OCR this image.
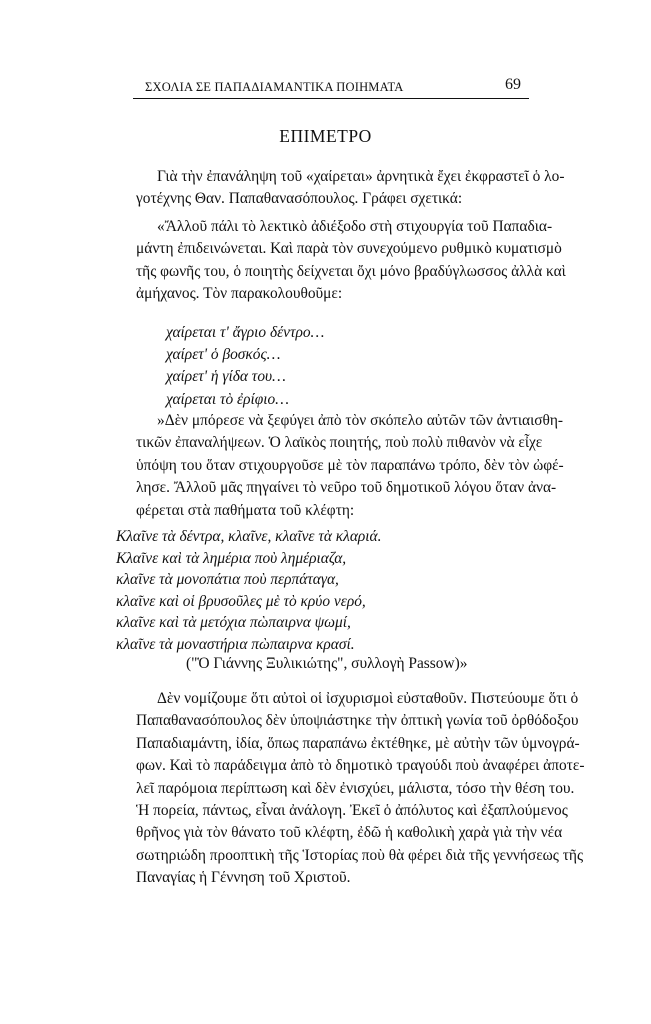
ΣΧΟΛΙΑ ΣΕ ΠΑΠΑΔΙΑΜΑΝΤΙΚΑ ΠΟΙΗΜΑΤΑ	69
ΕΠΙΜΕΤΡΟ
Γιὰ τὴν ἐπανάληψη τοῦ «χαίρεται» ἀρνητικὰ ἔχει ἐκφραστεῖ ὁ λο-
γοτέχνης Θαν. Παπαθανασόπουλος. Γράφει σχετικά:
«Ἄλλοῦ πάλι τὸ λεκτικὸ ἀδιέξοδο στὴ στιχουργία τοῦ Παπαδια-
μάντη ἐπιδεινώνεται. Καὶ παρὰ τὸν συνεχούμενο ρυθμικὸ κυματισμὸ
τῆς φωνῆς του, ὁ ποιητὴς δείχνεται ὄχι μόνο βραδύγλωσσος ἀλλὰ καὶ
ἀμήχανος. Τὸν παρακολουθοῦμε:
χαίρεται τ' ἄγριο δέντρο…
χαίρετ' ὁ βοσκός…
χαίρετ' ἡ γίδα του…
χαίρεται τὸ ἐρίφιο…
»Δὲν μπόρεσε νὰ ξεφύγει ἀπὸ τὸν σκόπελο αὐτῶν τῶν ἀντιαισθη-
τικῶν ἐπαναλήψεων. Ὁ λαϊκὸς ποιητής, ποὺ πολὺ πιθανὸν νὰ εἶχε
ὑπόψη του ὅταν στιχουργοῦσε μὲ τὸν παραπάνω τρόπο, δὲν τὸν ὠφέ-
λησε. Ἄλλοῦ μᾶς πηγαίνει τὸ νεῦρο τοῦ δημοτικοῦ λόγου ὅταν ἀνα-
φέρεται στὰ παθήματα τοῦ κλέφτη:
Κλαῖνε τὰ δέντρα, κλαῖνε, κλαῖνε τὰ κλαριά.
Κλαῖνε καὶ τὰ λημέρια ποὺ λημέριαζα,
κλαῖνε τὰ μονοπάτια ποὺ περπάταγα,
κλαῖνε καὶ οἱ βρυσοῦλες μὲ τὸ κρύο νερό,
κλαῖνε καὶ τὰ μετόχια πὼπαιρνα ψωμί,
κλαῖνε τὰ μοναστήρια πὼπαιρνα κρασί.
("Ὁ Γιάννης Ξυλικιώτης", συλλογὴ Passow)»
Δὲν νομίζουμε ὅτι αὐτοὶ οἱ ἰσχυρισμοὶ εὐσταθοῦν. Πιστεύουμε ὅτι ὁ
Παπαθανασόπουλος δὲν ὑποψιάστηκε τὴν ὀπτικὴ γωνία τοῦ ὀρθόδοξου
Παπαδιαμάντη, ἰδία, ὅπως παραπάνω ἐκτέθηκε, μὲ αὐτὴν τῶν ὑμνογρά-
φων. Καὶ τὸ παράδειγμα ἀπὸ τὸ δημοτικὸ τραγούδι ποὺ ἀναφέρει ἀποτε-
λεῖ παρόμοια περίπτωση καὶ δὲν ἐνισχύει, μάλιστα, τόσο τὴν θέση του.
Ἡ πορεία, πάντως, εἶναι ἀνάλογη. Ἐκεῖ ὁ ἀπόλυτος καὶ ἐξαπλούμενος
θρῆνος γιὰ τὸν θάνατο τοῦ κλέφτη, ἐδῶ ἡ καθολικὴ χαρὰ γιὰ τὴν νέα
σωτηριώδη προοπτικὴ τῆς Ἱστορίας ποὺ θὰ φέρει διὰ τῆς γεννήσεως τῆς
Παναγίας ἡ Γέννηση τοῦ Χριστοῦ.
